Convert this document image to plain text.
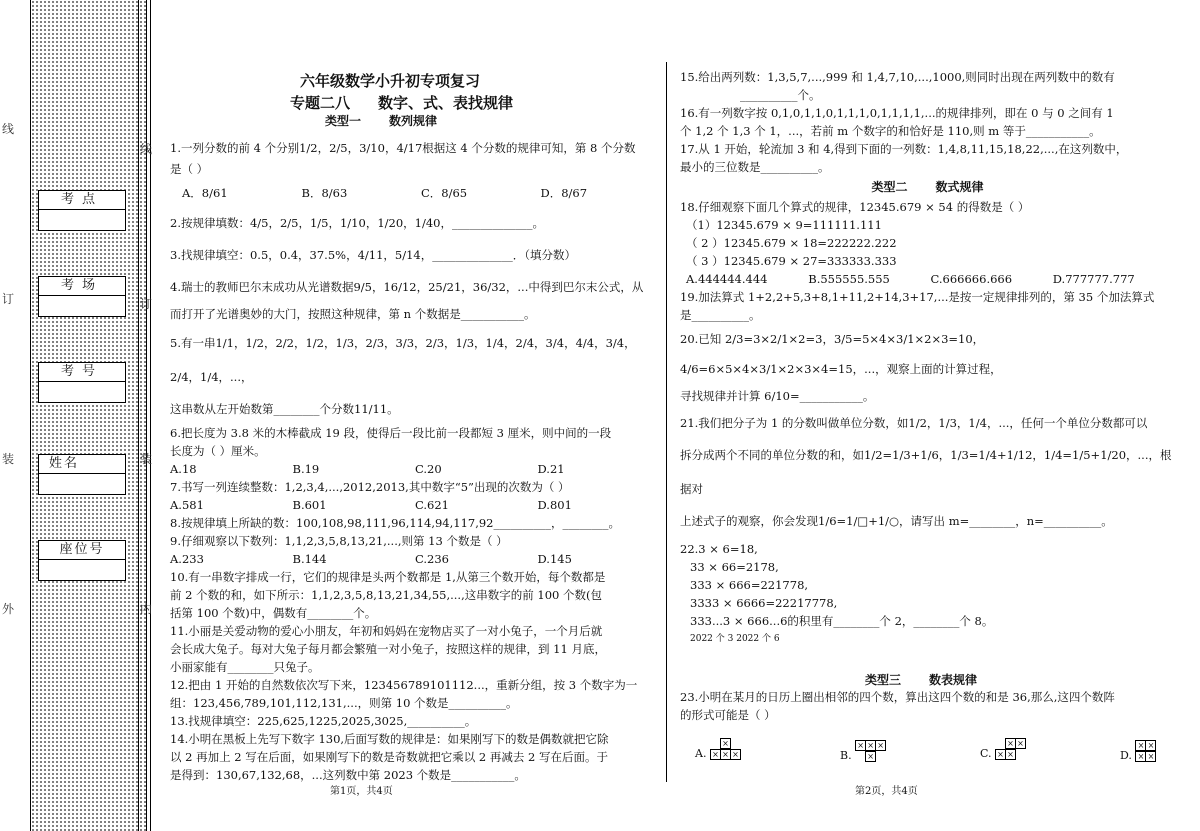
考点
考场
考号
姓名
座位号
线
订
装
线
订
装
内
外
六年级数学小升初专项复习
专题二八 数字、式、表找规律
类型一 数列规律

1.一列分数的前 4 个分别1/2，2/5，3/10，4/17根据这 4 个分数的规律可知，第 8 个分数

是（ ）

A．8/61	B．8/63	C．8/65	D．8/67

2.按规律填数：4/5，2/5，1/5，1/10，1/20，1/40，______________。

3.找规律填空：0.5，0.4，37.5%，4/11，5/14，______________．（填分数）

4.瑞士的教师巴尔末成功从光谱数据9/5，16/12，25/21，36/32，...中得到巴尔末公式，从

而打开了光谱奥妙的大门，按照这种规律，第 n 个数据是___________。

5.有一串1/1，1/2，2/2，1/2，1/3，2/3，3/3，2/3，1/3，1/4，2/4，3/4，4/4，3/4，2/4，1/4，...，

这串数从左开始数第________个分数11/11。

6.把长度为 3.8 米的木棒截成 19 段，使得后一段比前一段都短 3 厘米，则中间的一段

长度为（ ）厘米。

A.18	B.19	C.20	D.21

7.书写一列连续整数：1,2,3,4,...,2012,2013,其中数字“5”出现的次数为（ ）

A.581	B.601	C.621	D.801

8.按规律填上所缺的数：100,108,98,111,96,114,94,117,92__________，________。

9.仔细观察以下数列：1,1,2,3,5,8,13,21,...,则第 13 个数是（ ）

A.233	B.144	C.236	D.145

10.有一串数字排成一行，它们的规律是头两个数都是 1,从第三个数开始，每个数都是

前 2 个数的和，如下所示：1,1,2,3,5,8,13,21,34,55,...,这串数字的前 100 个数(包

括第 100 个数)中，偶数有________个。

11.小丽是关爱动物的爱心小朋友，年初和妈妈在宠物店买了一对小兔子，一个月后就

会长成大兔子。每对大兔子每月都会繁殖一对小兔子，按照这样的规律，到 11 月底，

小丽家能有________只兔子。

12.把由 1 开始的自然数依次写下来，123456789101112...，重新分组，按 3 个数字为一

组：123,456,789,101,112,131,...，则第 10 个数是__________。

13.找规律填空：225,625,1225,2025,3025,__________。

14.小明在黑板上先写下数字 130,后面写数的规律是：如果刚写下的数是偶数就把它除

以 2 再加上 2 写在后面，如果刚写下的数是奇数就把它乘以 2 再减去 2 写在后面。于

是得到：130,67,132,68，...这列数中第 2023 个数是___________。

第1页，共4页

15.给出两列数：1,3,5,7,...,999 和 1,4,7,10,...,1000,则同时出现在两列数中的数有

__________个。

16.有一列数字按 0,1,0,1,1,0,1,1,1,0,1,1,1,1,...的规律排列，即在 0 与 0 之间有 1

个 1,2 个 1,3 个 1，...，若前 m 个数字的和恰好是 110,则 m 等于___________。

17.从 1 开始，轮流加 3 和 4,得到下面的一列数：1,4,8,11,15,18,22,...,在这列数中，

最小的三位数是__________。

类型二 数式规律

18.仔细观察下面几个算式的规律，12345.679 × 54 的得数是（ ）

（1）12345.679 × 9=111111.111

（ 2 ）12345.679 × 18=222222.222

（ 3 ）12345.679 × 27=333333.333

A.444444.444	B.555555.555	C.666666.666	D.777777.777

19.加法算式 1+2,2+5,3+8,1+11,2+14,3+17,...是按一定规律排列的，第 35 个加法算式

是__________。

20.已知 2/3=3×2/1×2=3，3/5=5×4×3/1×2×3=10，4/6=6×5×4×3/1×2×3×4=15，...，观察上面的计算过程，

寻找规律并计算 6/10=___________。

21.我们把分子为 1 的分数叫做单位分数，如1/2，1/3，1/4，...，任何一个单位分数都可以

拆分成两个不同的单位分数的和，如1/2=1/3+1/6，1/3=1/4+1/12，1/4=1/5+1/20，...，根据对

上述式子的观察，你会发现1/6=1/□+1/○，请写出 m=________，n=__________。

22.3 × 6=18,

33 × 66=2178,

333 × 666=221778,

3333 × 6666=22217778,

333...3 × 666...6的积里有________个 2，________个 8。

2022 个 3 2022 个 6

类型三 数表规律

23.小明在某月的日历上圈出相邻的四个数，算出这四个数的和是 36,那么,这四个数阵

的形式可能是（ ）

A.
×
× × ×	B.
× × ×
×	C.
× ×
× ×	D.
× ×
× ×
第2页，共4页
